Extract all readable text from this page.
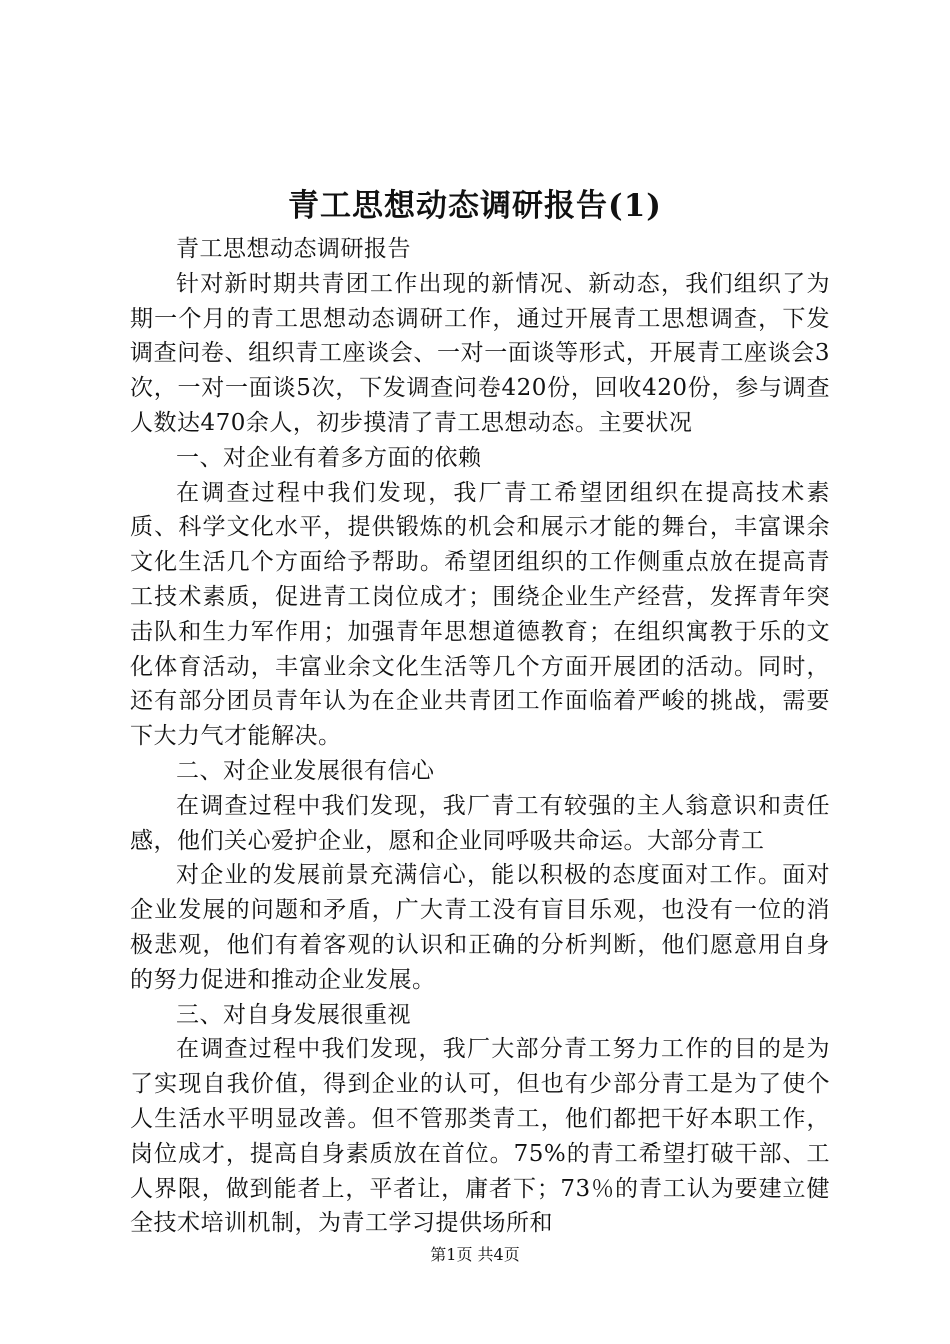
青工思想动态调研报告(1)

青工思想动态调研报告

针对新时期共青团工作出现的新情况、新动态，我们组织了为期一个月的青工思想动态调研工作，通过开展青工思想调查，下发调查问卷、组织青工座谈会、一对一面谈等形式，开展青工座谈会3次，一对一面谈5次，下发调查问卷420份，回收420份，参与调查人数达470余人，初步摸清了青工思想动态。主要状况

一、对企业有着多方面的依赖

在调查过程中我们发现，我厂青工希望团组织在提高技术素质、科学文化水平，提供锻炼的机会和展示才能的舞台，丰富课余文化生活几个方面给予帮助。希望团组织的工作侧重点放在提高青工技术素质，促进青工岗位成才；围绕企业生产经营，发挥青年突击队和生力军作用；加强青年思想道德教育；在组织寓教于乐的文化体育活动，丰富业余文化生活等几个方面开展团的活动。同时，还有部分团员青年认为在企业共青团工作面临着严峻的挑战，需要下大力气才能解决。

二、对企业发展很有信心

在调查过程中我们发现，我厂青工有较强的主人翁意识和责任感，他们关心爱护企业，愿和企业同呼吸共命运。大部分青工

对企业的发展前景充满信心，能以积极的态度面对工作。面对企业发展的问题和矛盾，广大青工没有盲目乐观，也没有一位的消极悲观，他们有着客观的认识和正确的分析判断，他们愿意用自身的努力促进和推动企业发展。

三、对自身发展很重视

在调查过程中我们发现，我厂大部分青工努力工作的目的是为了实现自我价值，得到企业的认可，但也有少部分青工是为了使个人生活水平明显改善。但不管那类青工，他们都把干好本职工作，岗位成才，提高自身素质放在首位。75%的青工希望打破干部、工人界限，做到能者上，平者让，庸者下；73％的青工认为要建立健全技术培训机制，为青工学习提供场所和

第1页 共4页
